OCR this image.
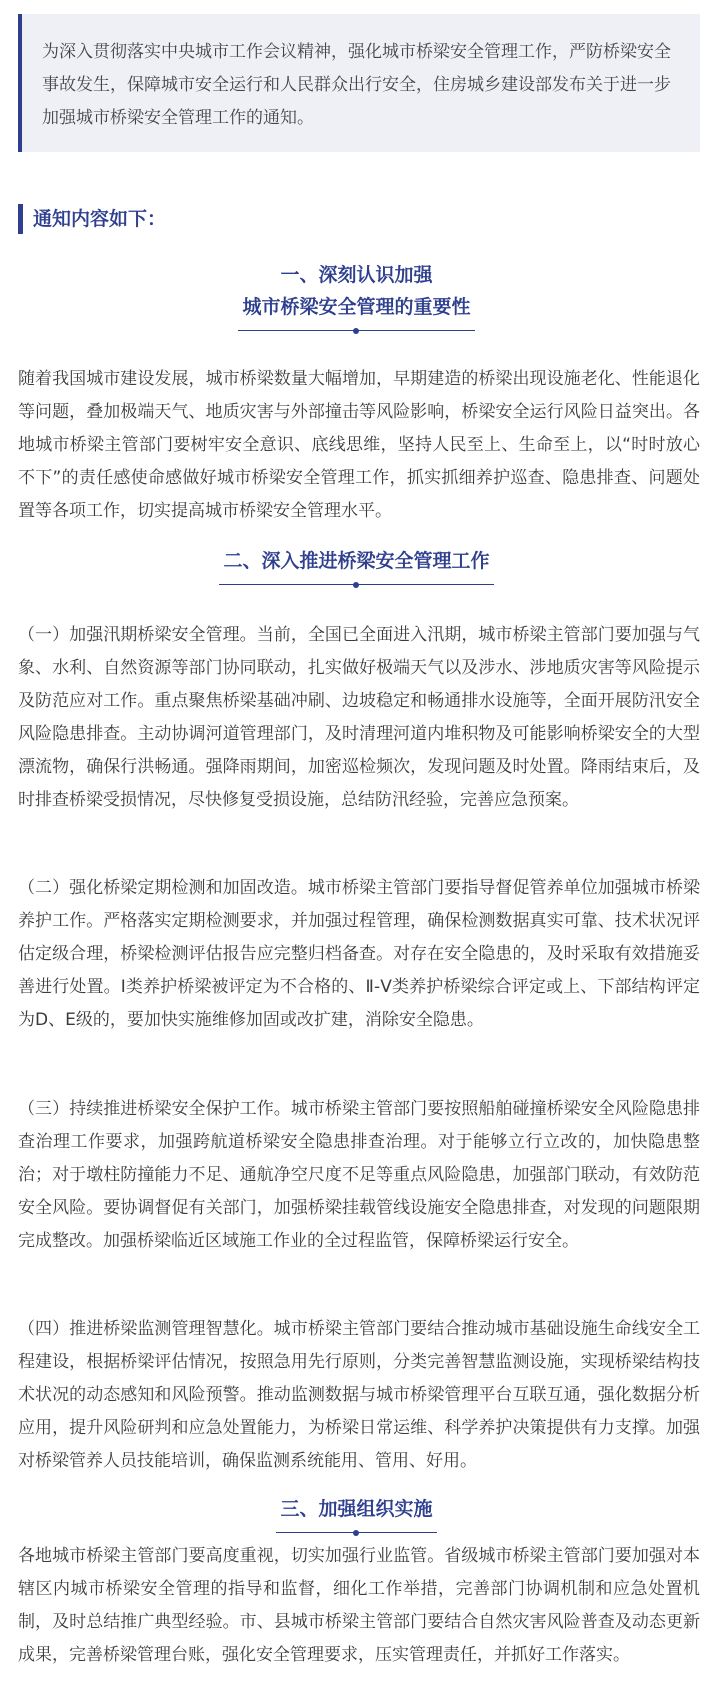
为深入贯彻落实中央城市工作会议精神，强化城市桥梁安全管理工作，严防桥梁安全事故发生，保障城市安全运行和人民群众出行安全，住房城乡建设部发布关于进一步加强城市桥梁安全管理工作的通知。
通知内容如下：
一、深刻认识加强
城市桥梁安全管理的重要性

随着我国城市建设发展，城市桥梁数量大幅增加，早期建造的桥梁出现设施老化、性能退化等问题，叠加极端天气、地质灾害与外部撞击等风险影响，桥梁安全运行风险日益突出。各地城市桥梁主管部门要树牢安全意识、底线思维，坚持人民至上、生命至上，以“时时放心不下”的责任感使命感做好城市桥梁安全管理工作，抓实抓细养护巡查、隐患排查、问题处置等各项工作，切实提高城市桥梁安全管理水平。

二、深入推进桥梁安全管理工作

（一）加强汛期桥梁安全管理。当前，全国已全面进入汛期，城市桥梁主管部门要加强与气象、水利、自然资源等部门协同联动，扎实做好极端天气以及涉水、涉地质灾害等风险提示及防范应对工作。重点聚焦桥梁基础冲刷、边坡稳定和畅通排水设施等，全面开展防汛安全风险隐患排查。主动协调河道管理部门，及时清理河道内堆积物及可能影响桥梁安全的大型漂流物，确保行洪畅通。强降雨期间，加密巡检频次，发现问题及时处置。降雨结束后，及时排查桥梁受损情况，尽快修复受损设施，总结防汛经验，完善应急预案。

（二）强化桥梁定期检测和加固改造。城市桥梁主管部门要指导督促管养单位加强城市桥梁养护工作。严格落实定期检测要求，并加强过程管理，确保检测数据真实可靠、技术状况评估定级合理，桥梁检测评估报告应完整归档备查。对存在安全隐患的，及时采取有效措施妥善进行处置。Ⅰ类养护桥梁被评定为不合格的、Ⅱ-Ⅴ类养护桥梁综合评定或上、下部结构评定为D、E级的，要加快实施维修加固或改扩建，消除安全隐患。

（三）持续推进桥梁安全保护工作。城市桥梁主管部门要按照船舶碰撞桥梁安全风险隐患排查治理工作要求，加强跨航道桥梁安全隐患排查治理。对于能够立行立改的，加快隐患整治；对于墩柱防撞能力不足、通航净空尺度不足等重点风险隐患，加强部门联动，有效防范安全风险。要协调督促有关部门，加强桥梁挂载管线设施安全隐患排查，对发现的问题限期完成整改。加强桥梁临近区域施工作业的全过程监管，保障桥梁运行安全。

（四）推进桥梁监测管理智慧化。城市桥梁主管部门要结合推动城市基础设施生命线安全工程建设，根据桥梁评估情况，按照急用先行原则，分类完善智慧监测设施，实现桥梁结构技术状况的动态感知和风险预警。推动监测数据与城市桥梁管理平台互联互通，强化数据分析应用，提升风险研判和应急处置能力，为桥梁日常运维、科学养护决策提供有力支撑。加强对桥梁管养人员技能培训，确保监测系统能用、管用、好用。

三、加强组织实施

各地城市桥梁主管部门要高度重视，切实加强行业监管。省级城市桥梁主管部门要加强对本辖区内城市桥梁安全管理的指导和监督，细化工作举措，完善部门协调机制和应急处置机制，及时总结推广典型经验。市、县城市桥梁主管部门要结合自然灾害风险普查及动态更新成果，完善桥梁管理台账，强化安全管理要求，压实管理责任，并抓好工作落实。
